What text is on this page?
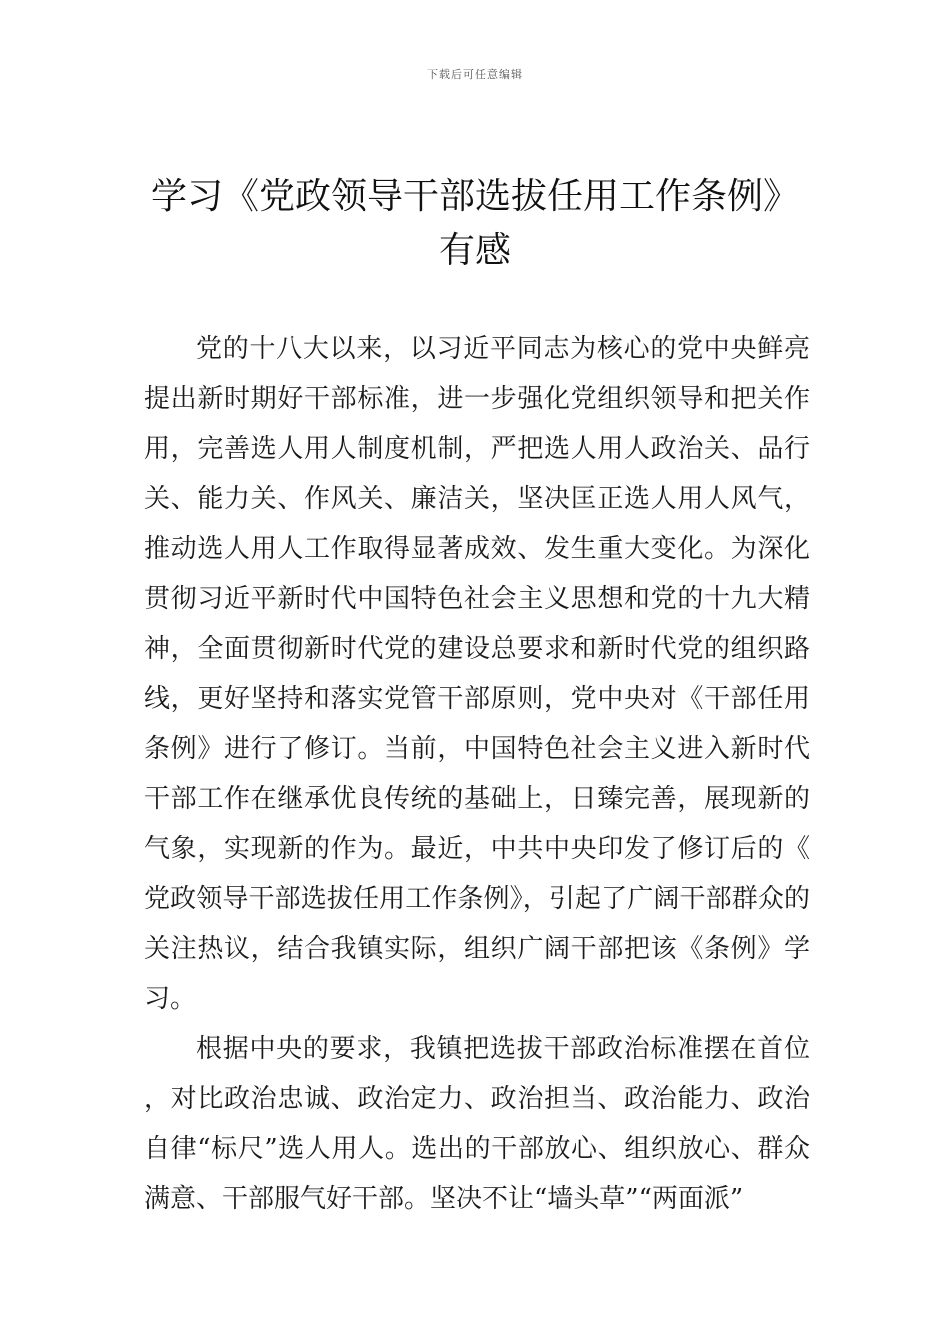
下载后可任意编辑
学习《党政领导干部选拔任用工作条例》
有感

党的十八大以来，以习近平同志为核心的党中央鲜亮提出新时期好干部标准，进一步强化党组织领导和把关作用，完善选人用人制度机制，严把选人用人政治关、品行关、能力关、作风关、廉洁关，坚决匡正选人用人风气，推动选人用人工作取得显著成效、发生重大变化。为深化贯彻习近平新时代中国特色社会主义思想和党的十九大精神，全面贯彻新时代党的建设总要求和新时代党的组织路线，更好坚持和落实党管干部原则，党中央对《干部任用条例》进行了修订。当前，中国特色社会主义进入新时代干部工作在继承优良传统的基础上，日臻完善，展现新的气象，实现新的作为。最近，中共中央印发了修订后的《党政领导干部选拔任用工作条例》，引起了广阔干部群众的关注热议，结合我镇实际，组织广阔干部把该《条例》学习。

根据中央的要求，我镇把选拔干部政治标准摆在首位，对比政治忠诚、政治定力、政治担当、政治能力、政治自律“标尺”选人用人。选出的干部放心、组织放心、群众满意、干部服气好干部。坚决不让“墙头草”“两面派”
